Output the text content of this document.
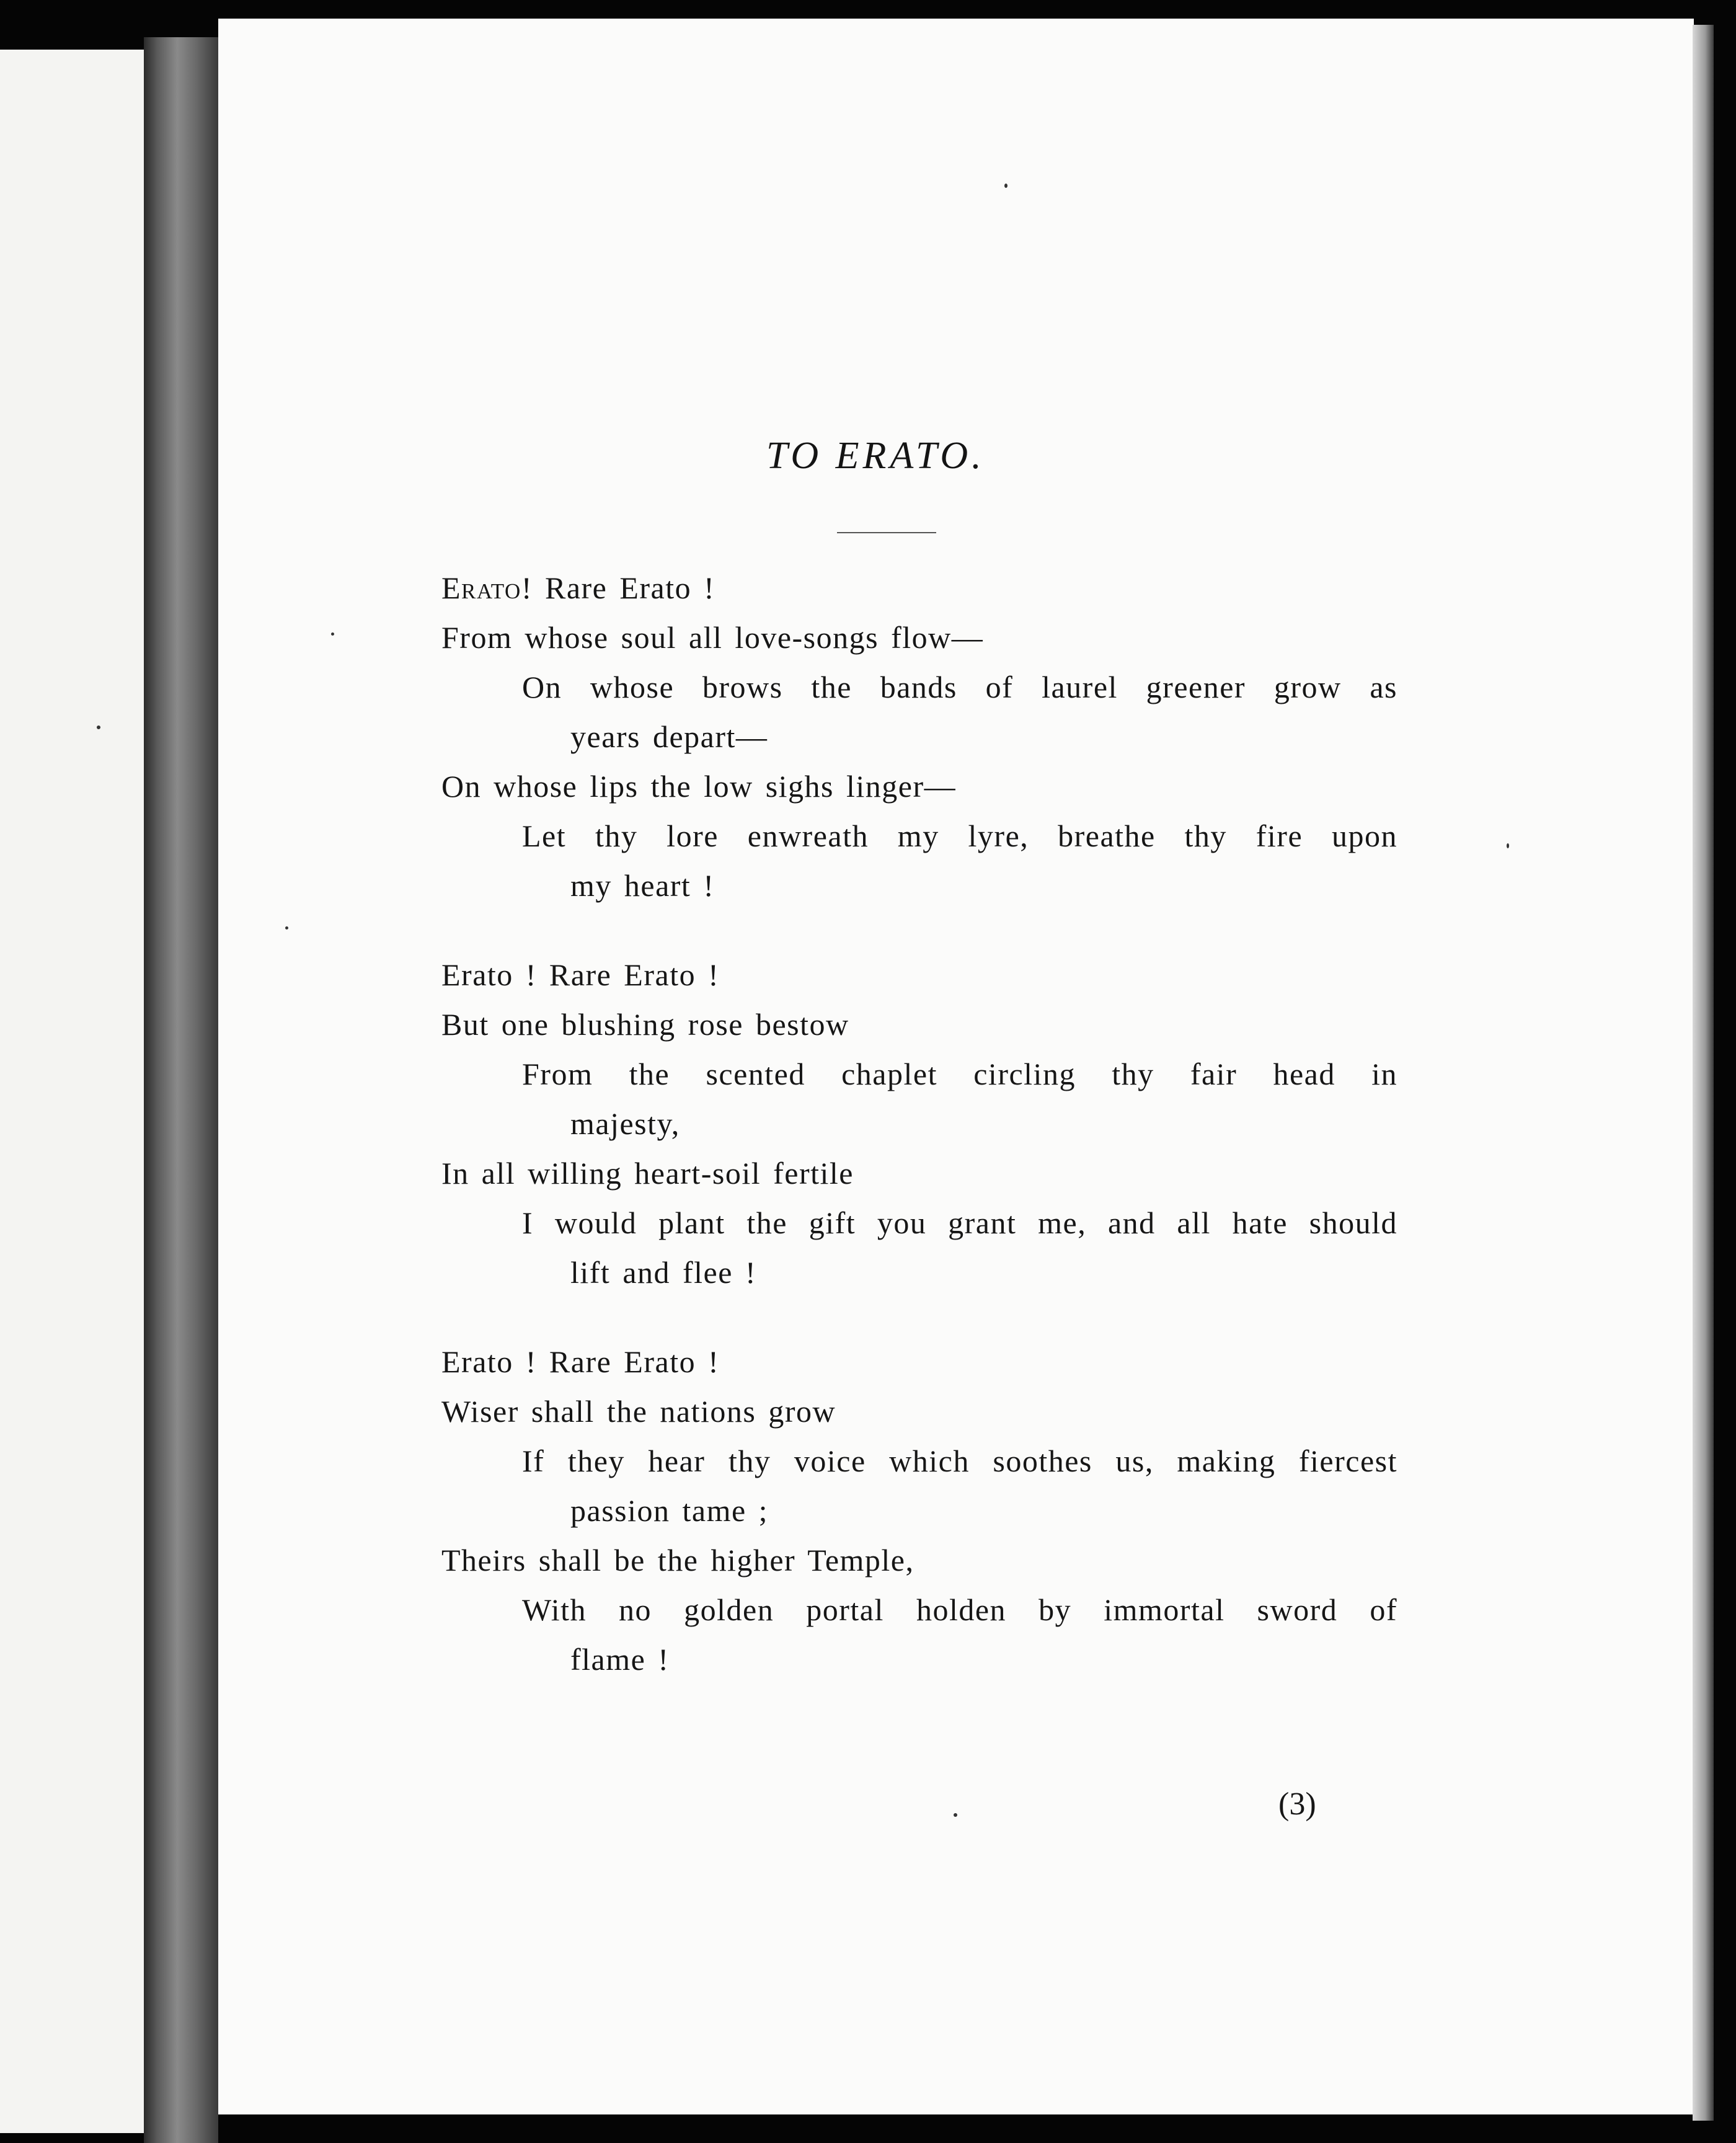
TO ERATO.
Erato! Rare Erato !
From whose soul all love-songs flow—
On whose brows the bands of laurel greener grow as
years depart—
On whose lips the low sighs linger—
Let thy lore enwreath my lyre, breathe thy fire upon
my heart !
Erato ! Rare Erato !
But one blushing rose bestow
From the scented chaplet circling thy fair head in
majesty,
In all willing heart-soil fertile
I would plant the gift you grant me, and all hate should
lift and flee !
Erato ! Rare Erato !
Wiser shall the nations grow
If they hear thy voice which soothes us, making fiercest
passion tame ;
Theirs shall be the higher Temple,
With no golden portal holden by immortal sword of
flame !
(3)
